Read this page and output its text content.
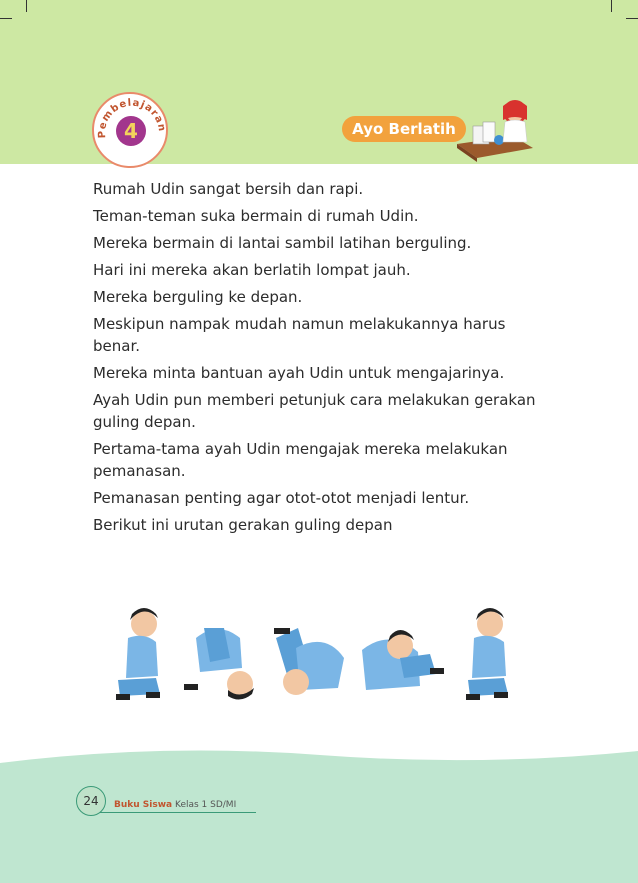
Pembelajaran
4	Ayo Berlatih

Rumah Udin sangat bersih dan rapi.

Teman-teman suka bermain di rumah Udin.

Mereka bermain di lantai sambil latihan berguling.

Hari ini mereka akan berlatih lompat jauh.

Mereka berguling ke depan.

Meskipun nampak mudah namun melakukannya harus benar.

Mereka minta bantuan ayah Udin untuk mengajarinya.

Ayah Udin pun memberi petunjuk cara melakukan gerakan guling depan.

Pertama-tama ayah Udin mengajak mereka melakukan pemanasan.

Pemanasan penting agar otot-otot menjadi lentur.

Berikut ini urutan gerakan guling depan

24	Buku Siswa Kelas 1 SD/MI
